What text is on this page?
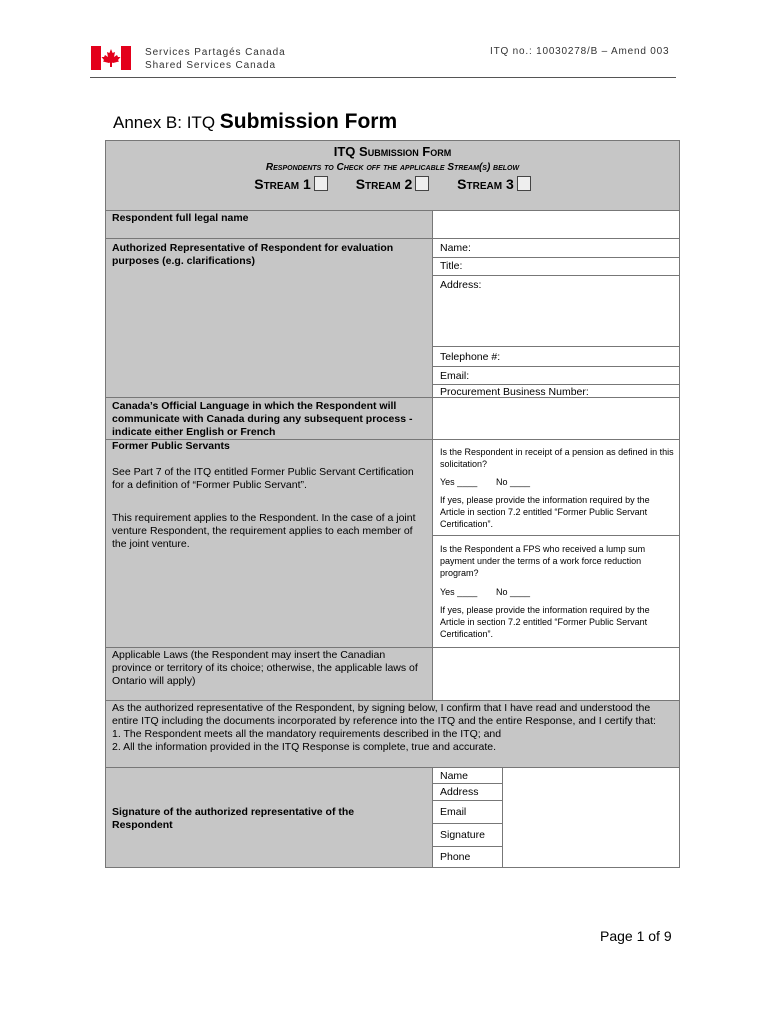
Services Partagés Canada
Shared Services Canada
ITQ no.: 10030278/B – Amend 003
Annex B: ITQ Submission Form
ITQ Submission Form
Respondents to Check off the applicable Stream(s) below
Stream 1	Stream 2	Stream 3
Respondent full legal name
Authorized Representative of Respondent for evaluation purposes (e.g. clarifications)
Name:
Title:
Address:
Telephone #:
Email:
Procurement Business Number:
Canada’s Official Language in which the Respondent will communicate with Canada during any subsequent process - indicate either English or French
Former Public Servants
See Part 7 of the ITQ entitled Former Public Servant Certification for a definition of “Former Public Servant”.
This requirement applies to the Respondent. In the case of a joint venture Respondent, the requirement applies to each member of the joint venture.
Is the Respondent in receipt of a pension as defined in this solicitation?
Yes ____ No ____
If yes, please provide the information required by the Article in section 7.2 entitled “Former Public Servant Certification”.
Is the Respondent a FPS who received a lump sum payment under the terms of a work force reduction program?
Yes ____ No ____
If yes, please provide the information required by the Article in section 7.2 entitled “Former Public Servant Certification”.
Applicable Laws (the Respondent may insert the Canadian province or territory of its choice; otherwise, the applicable laws of Ontario will apply)
As the authorized representative of the Respondent, by signing below, I confirm that I have read and understood the entire ITQ including the documents incorporated by reference into the ITQ and the entire Response, and I certify that:
1. The Respondent meets all the mandatory requirements described in the ITQ; and
2. All the information provided in the ITQ Response is complete, true and accurate.
Signature of the authorized representative of the Respondent
Name
Address
Email
Signature
Phone
Page 1 of 9
